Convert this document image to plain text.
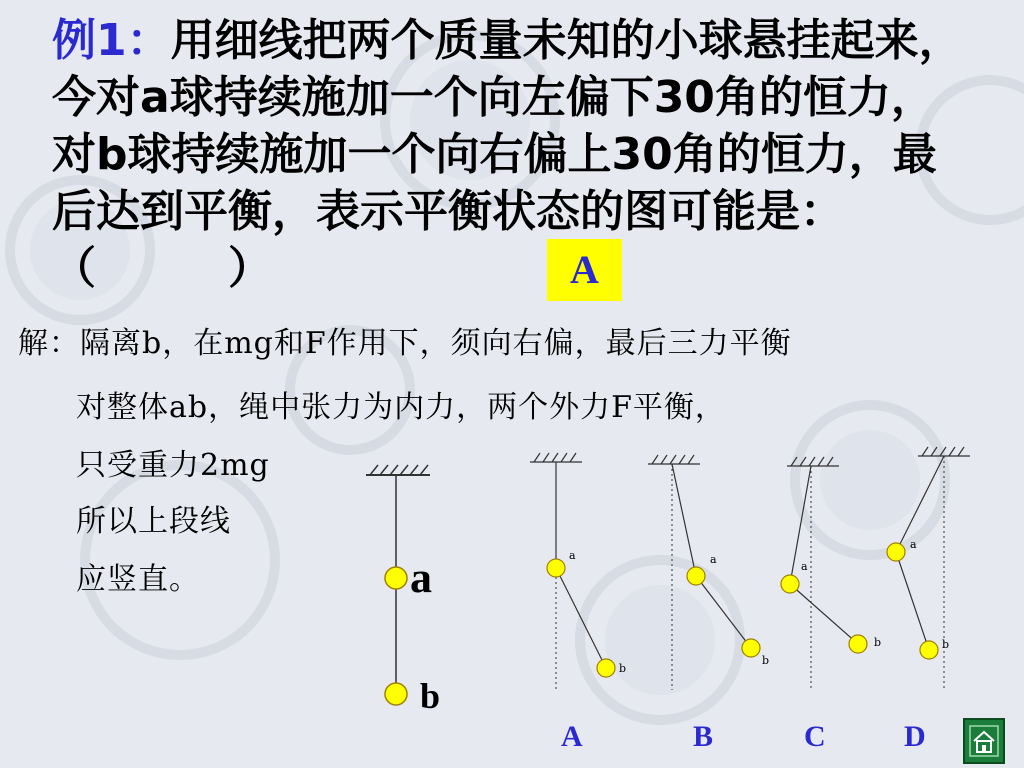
例1：用细线把两个质量未知的小球悬挂起来，今对a球持续施加一个向左偏下30角的恒力，对b球持续施加一个向右偏上30角的恒力，最后达到平衡，表示平衡状态的图可能是：（　　　）	A
解：隔离b，在mg和F作用下，须向右偏，最后三力平衡
对整体ab，绳中张力为内力，两个外力F平衡，
只受重力2mg
所以上段线
应竖直。	a
b
a
b
a
b
a
b
a
b
A	B	C	D
